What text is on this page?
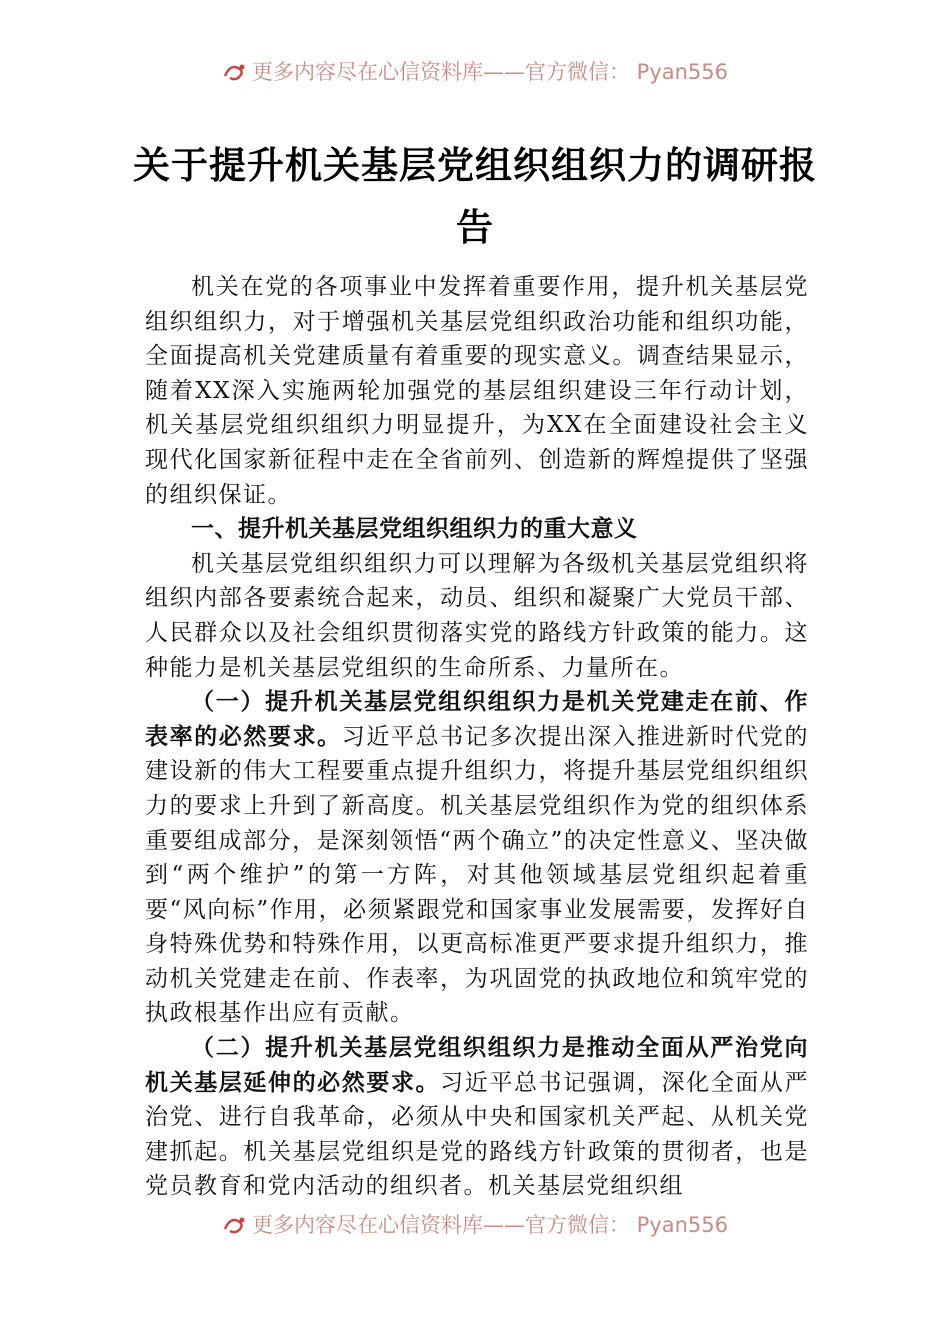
更多内容尽在心信资料库——官方微信： Pyan556
关于提升机关基层党组织组织力的调研报告

机关在党的各项事业中发挥着重要作用，提升机关基层党组织组织力，对于增强机关基层党组织政治功能和组织功能，全面提高机关党建质量有着重要的现实意义。调查结果显示，随着XX深入实施两轮加强党的基层组织建设三年行动计划，机关基层党组织组织力明显提升，为XX在全面建设社会主义现代化国家新征程中走在全省前列、创造新的辉煌提供了坚强的组织保证。

一、提升机关基层党组织组织力的重大意义

机关基层党组织组织力可以理解为各级机关基层党组织将组织内部各要素统合起来，动员、组织和凝聚广大党员干部、人民群众以及社会组织贯彻落实党的路线方针政策的能力。这种能力是机关基层党组织的生命所系、力量所在。

（一）提升机关基层党组织组织力是机关党建走在前、作表率的必然要求。习近平总书记多次提出深入推进新时代党的建设新的伟大工程要重点提升组织力，将提升基层党组织组织力的要求上升到了新高度。机关基层党组织作为党的组织体系重要组成部分，是深刻领悟“两个确立”的决定性意义、坚决做到“两个维护”的第一方阵，对其他领域基层党组织起着重要“风向标”作用，必须紧跟党和国家事业发展需要，发挥好自身特殊优势和特殊作用，以更高标准更严要求提升组织力，推动机关党建走在前、作表率，为巩固党的执政地位和筑牢党的执政根基作出应有贡献。

（二）提升机关基层党组织组织力是推动全面从严治党向机关基层延伸的必然要求。习近平总书记强调，深化全面从严治党、进行自我革命，必须从中央和国家机关严起、从机关党建抓起。机关基层党组织是党的路线方针政策的贯彻者，也是党员教育和党内活动的组织者。机关基层党组织组

更多内容尽在心信资料库——官方微信： Pyan556
